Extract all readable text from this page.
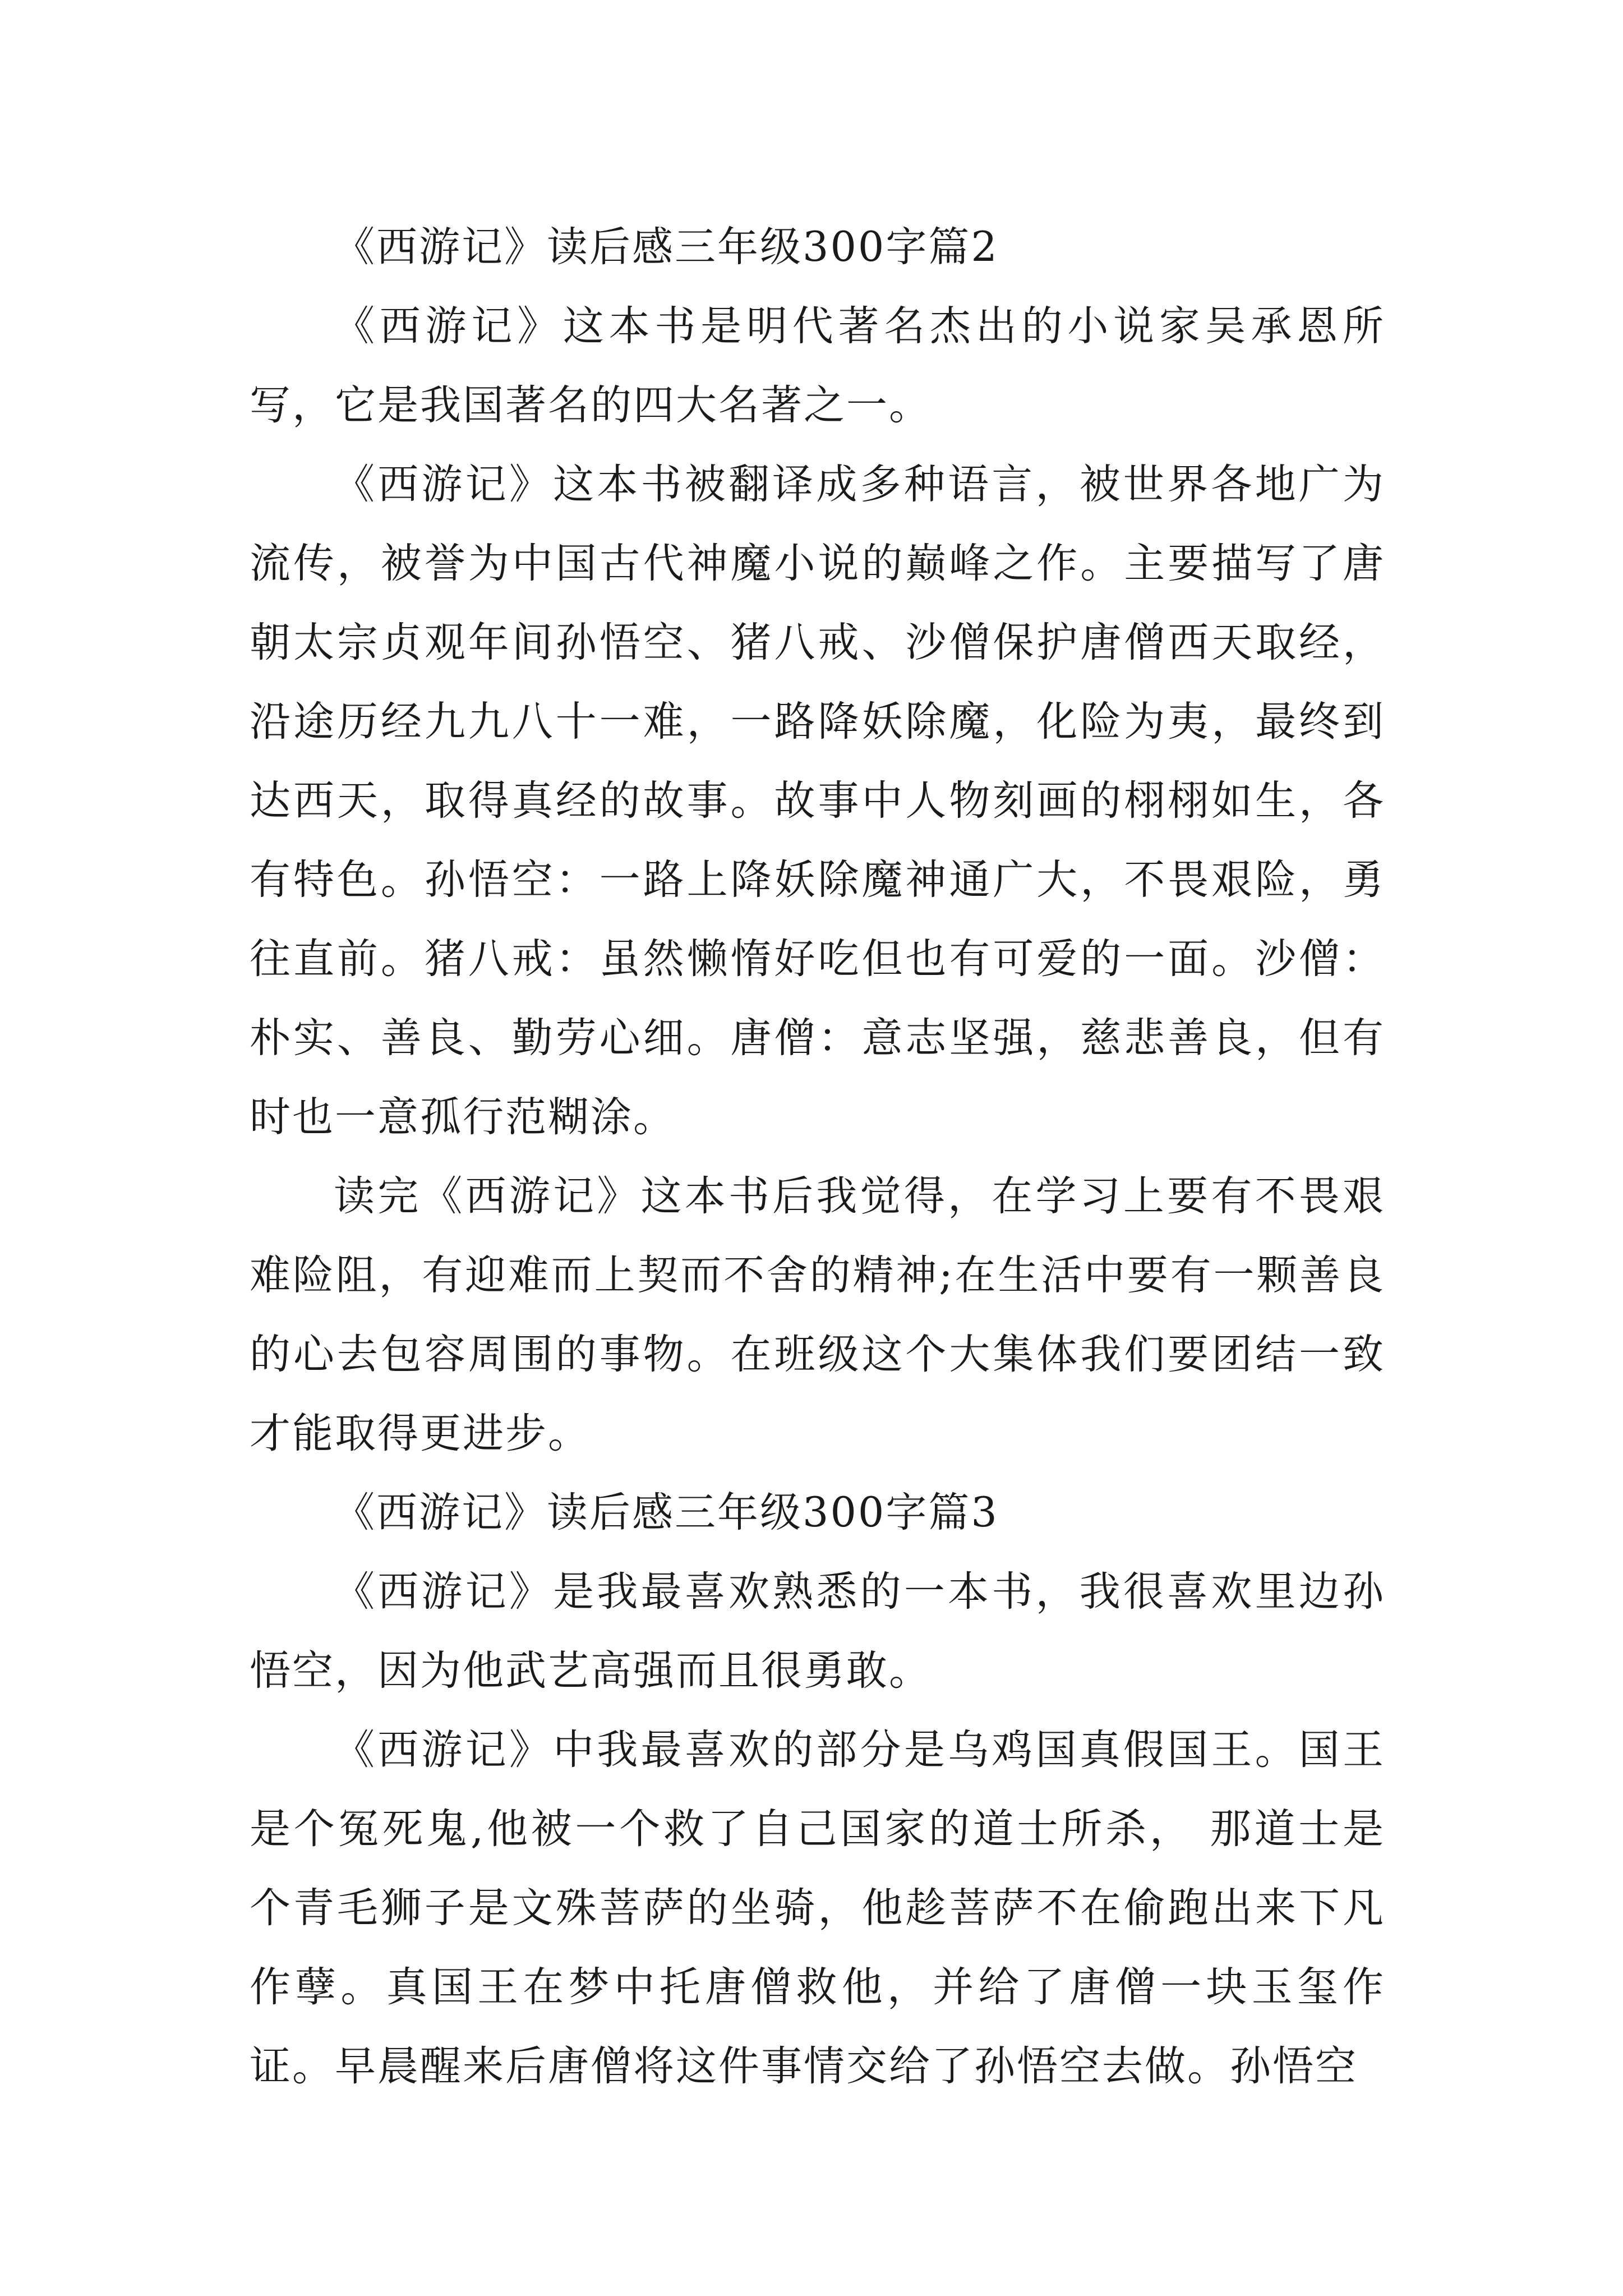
《西游记》读后感三年级300字篇2

《西游记》这本书是明代著名杰出的小说家吴承恩所写，它是我国著名的四大名著之一。

《西游记》这本书被翻译成多种语言，被世界各地广为流传，被誉为中国古代神魔小说的巅峰之作。主要描写了唐朝太宗贞观年间孙悟空、猪八戒、沙僧保护唐僧西天取经，沿途历经九九八十一难，一路降妖除魔，化险为夷，最终到达西天，取得真经的故事。故事中人物刻画的栩栩如生，各有特色。孙悟空：一路上降妖除魔神通广大，不畏艰险，勇往直前。猪八戒：虽然懒惰好吃但也有可爱的一面。沙僧：朴实、善良、勤劳心细。唐僧：意志坚强，慈悲善良，但有时也一意孤行范糊涂。

读完《西游记》这本书后我觉得，在学习上要有不畏艰难险阻，有迎难而上契而不舍的精神;在生活中要有一颗善良的心去包容周围的事物。在班级这个大集体我们要团结一致才能取得更进步。

《西游记》读后感三年级300字篇3

《西游记》是我最喜欢熟悉的一本书，我很喜欢里边孙悟空，因为他武艺高强而且很勇敢。

《西游记》中我最喜欢的部分是乌鸡国真假国王。国王是个冤死鬼,他被一个救了自己国家的道士所杀， 那道士是个青毛狮子是文殊菩萨的坐骑，他趁菩萨不在偷跑出来下凡作孽。真国王在梦中托唐僧救他，并给了唐僧一块玉玺作证。早晨醒来后唐僧将这件事情交给了孙悟空去做。孙悟空
